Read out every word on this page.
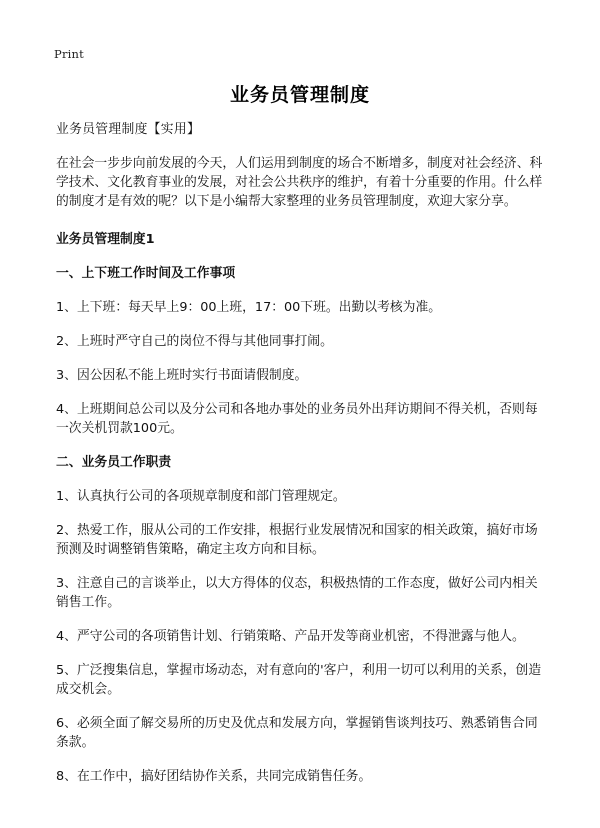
Print
业务员管理制度

业务员管理制度【实用】

在社会一步步向前发展的今天，人们运用到制度的场合不断增多，制度对社会经济、科学技术、文化教育事业的发展，对社会公共秩序的维护，有着十分重要的作用。什么样的制度才是有效的呢？以下是小编帮大家整理的业务员管理制度，欢迎大家分享。

业务员管理制度1

一、上下班工作时间及工作事项

1、上下班：每天早上9：00上班，17：00下班。出勤以考核为准。

2、上班时严守自己的岗位不得与其他同事打闹。

3、因公因私不能上班时实行书面请假制度。

4、上班期间总公司以及分公司和各地办事处的业务员外出拜访期间不得关机，否则每一次关机罚款100元。

二、业务员工作职责

1、认真执行公司的各项规章制度和部门管理规定。

2、热爱工作，服从公司的工作安排，根据行业发展情况和国家的相关政策，搞好市场预测及时调整销售策略，确定主攻方向和目标。

3、注意自己的言谈举止，以大方得体的仪态，积极热情的工作态度，做好公司内相关销售工作。

4、严守公司的各项销售计划、行销策略、产品开发等商业机密，不得泄露与他人。

5、广泛搜集信息，掌握市场动态，对有意向的'客户，利用一切可以利用的关系，创造成交机会。

6、必须全面了解交易所的历史及优点和发展方向，掌握销售谈判技巧、熟悉销售合同条款。

8、在工作中，搞好团结协作关系，共同完成销售任务。
